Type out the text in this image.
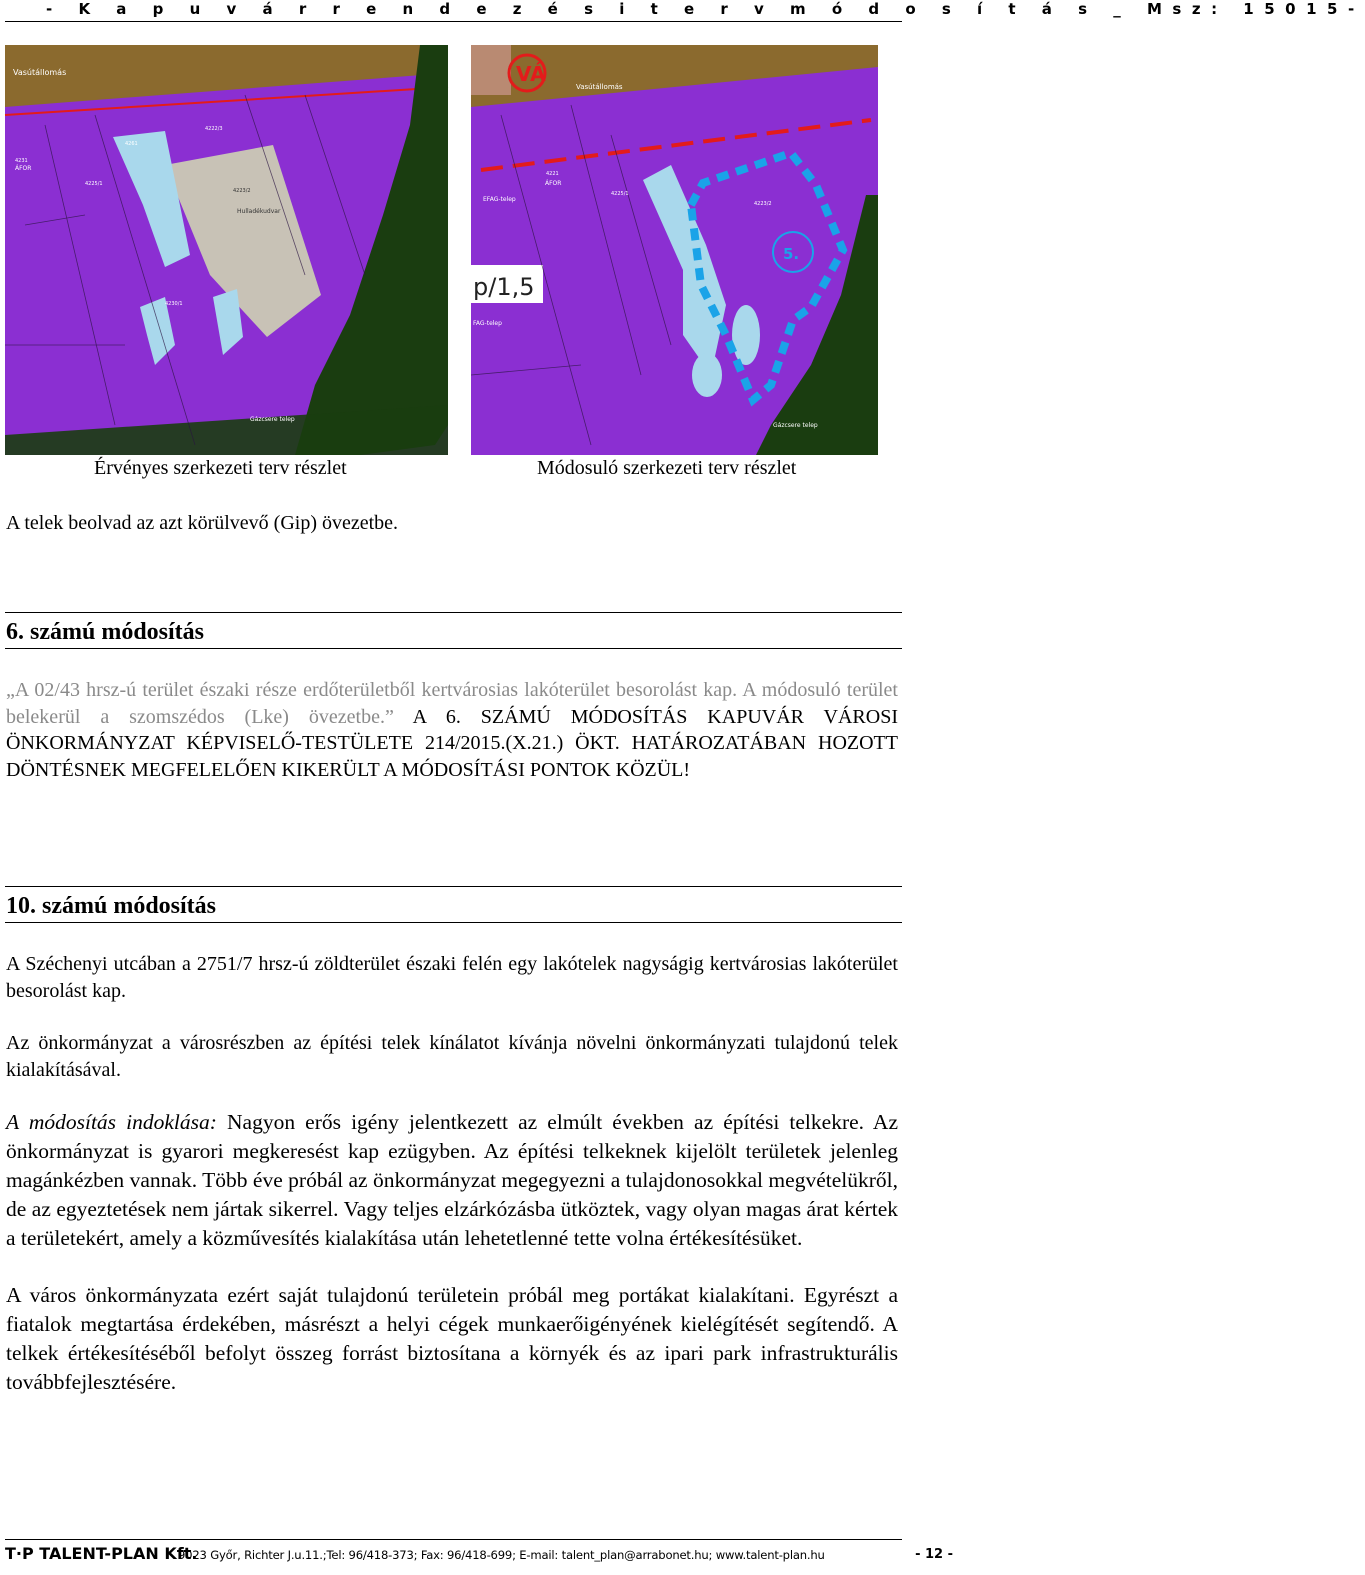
- K a p u v á r r e n d e z é s i t e r v m ó d o s í t á s _ Msz: 15015-
Vasútállomás
ÁFOR
4231
4261
4222/3
4223/2
Hulladékudvar
4225/1
4230/1
Gázcsere telep
VÁ
5.
p/1,5
Vasútállomás
ÁFOR
4221
EFAG-telep
FAG-telep
4225/1
4223/2
Gázcsere telep
Érvényes szerkezeti terv részlet	Módosuló szerkezeti terv részlet
A telek beolvad az azt körülvevő (Gip) övezetbe.
6. számú módosítás
„A 02/43 hrsz-ú terület északi része erdőterületből kertvárosias lakóterület besorolást kap. A módosuló terület belekerül a szomszédos (Lke) övezetbe.” A 6. SZÁMÚ MÓDOSÍTÁS KAPUVÁR VÁROSI ÖNKORMÁNYZAT KÉPVISELŐ-TESTÜLETE 214/2015.(X.21.) ÖKT. HATÁROZATÁBAN HOZOTT DÖNTÉSNEK MEGFELELŐEN KIKERÜLT A MÓDOSÍTÁSI PONTOK KÖZÜL!
10. számú módosítás
A Széchenyi utcában a 2751/7 hrsz-ú zöldterület északi felén egy lakótelek nagyságig kertvárosias lakóterület besorolást kap.
Az önkormányzat a városrészben az építési telek kínálatot kívánja növelni önkormányzati tulajdonú telek kialakításával.
A módosítás indoklása: Nagyon erős igény jelentkezett az elmúlt években az építési telkekre. Az önkormányzat is gyarori megkeresést kap ezügyben. Az építési telkeknek kijelölt területek jelenleg magánkézben vannak. Több éve próbál az önkormányzat megegyezni a tulajdonosokkal megvételükről, de az egyeztetések nem jártak sikerrel. Vagy teljes elzárkózásba ütköztek, vagy olyan magas árat kértek a területekért, amely a közművesítés kialakítása után lehetetlenné tette volna értékesítésüket.
A város önkormányzata ezért saját tulajdonú területein próbál meg portákat kialakítani. Egyrészt a fiatalok megtartása érdekében, másrészt a helyi cégek munkaerőigényének kielégítését segítendő. A telkek értékesítéséből befolyt összeg forrást biztosítana a környék és az ipari park infrastrukturális továbbfejlesztésére.
T·P TALENT-PLAN Kft.
9023 Győr, Richter J.u.11.;Tel: 96/418-373; Fax: 96/418-699; E-mail: talent_plan@arrabonet.hu; www.talent-plan.hu	- 12 -
